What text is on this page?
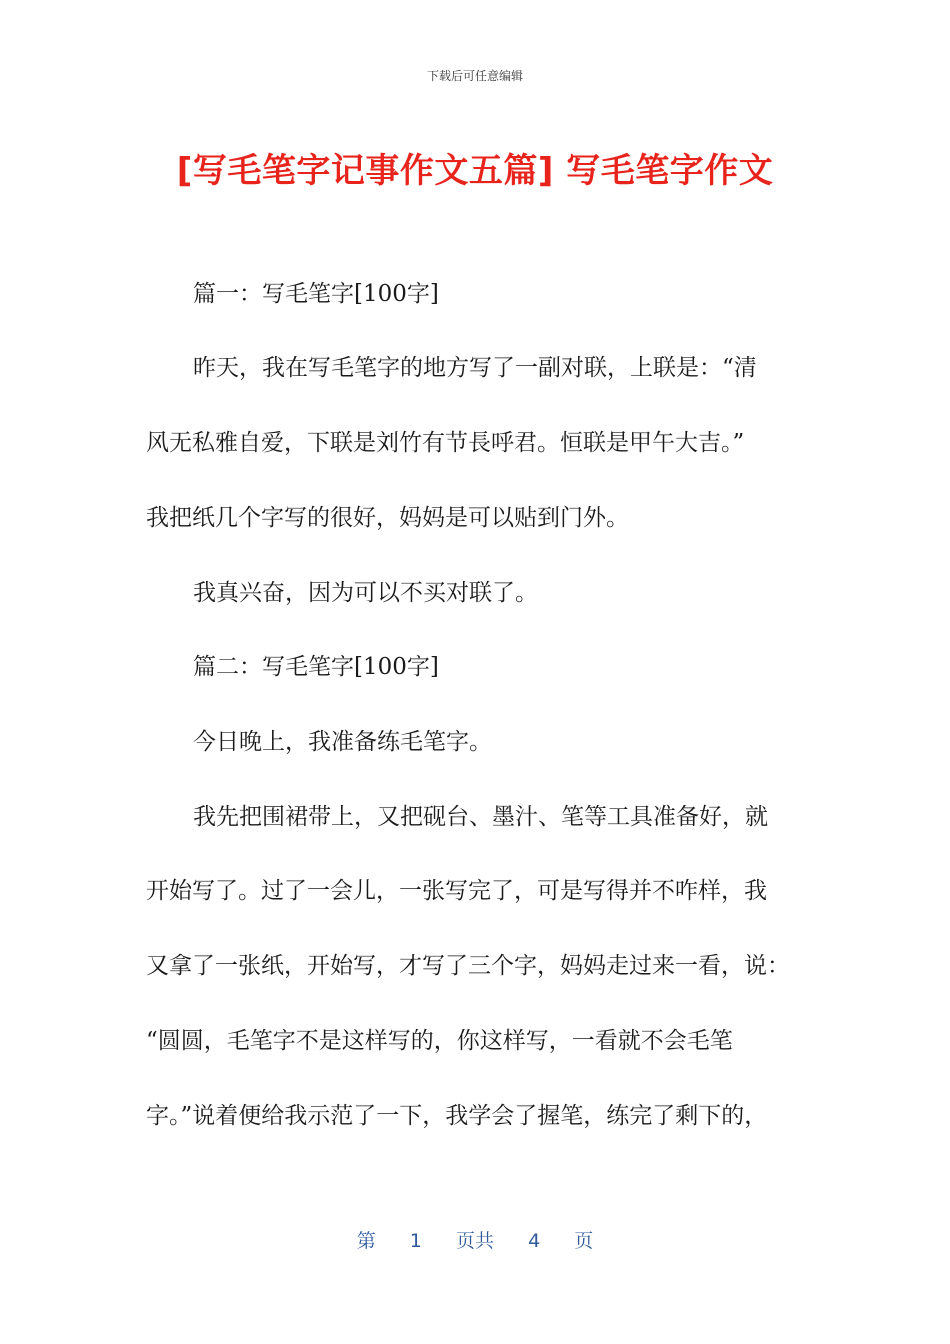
下载后可任意编辑
[写毛笔字记事作文五篇] 写毛笔字作文
篇一：写毛笔字[100字]
昨天，我在写毛笔字的地方写了一副对联，上联是：“清
风无私雅自爱，下联是刘竹有节長呼君。恒联是甲午大吉。”
我把纸几个字写的很好，妈妈是可以贴到门外。
我真兴奋，因为可以不买对联了。
篇二：写毛笔字[100字]
今日晚上，我准备练毛笔字。
我先把围裙带上，又把砚台、墨汁、笔等工具准备好，就
开始写了。过了一会儿，一张写完了，可是写得并不咋样，我
又拿了一张纸，开始写，才写了三个字，妈妈走过来一看，说：
“圆圆，毛笔字不是这样写的，你这样写，一看就不会毛笔
字。”说着便给我示范了一下，我学会了握笔，练完了剩下的，
第 1 页共 4 页
